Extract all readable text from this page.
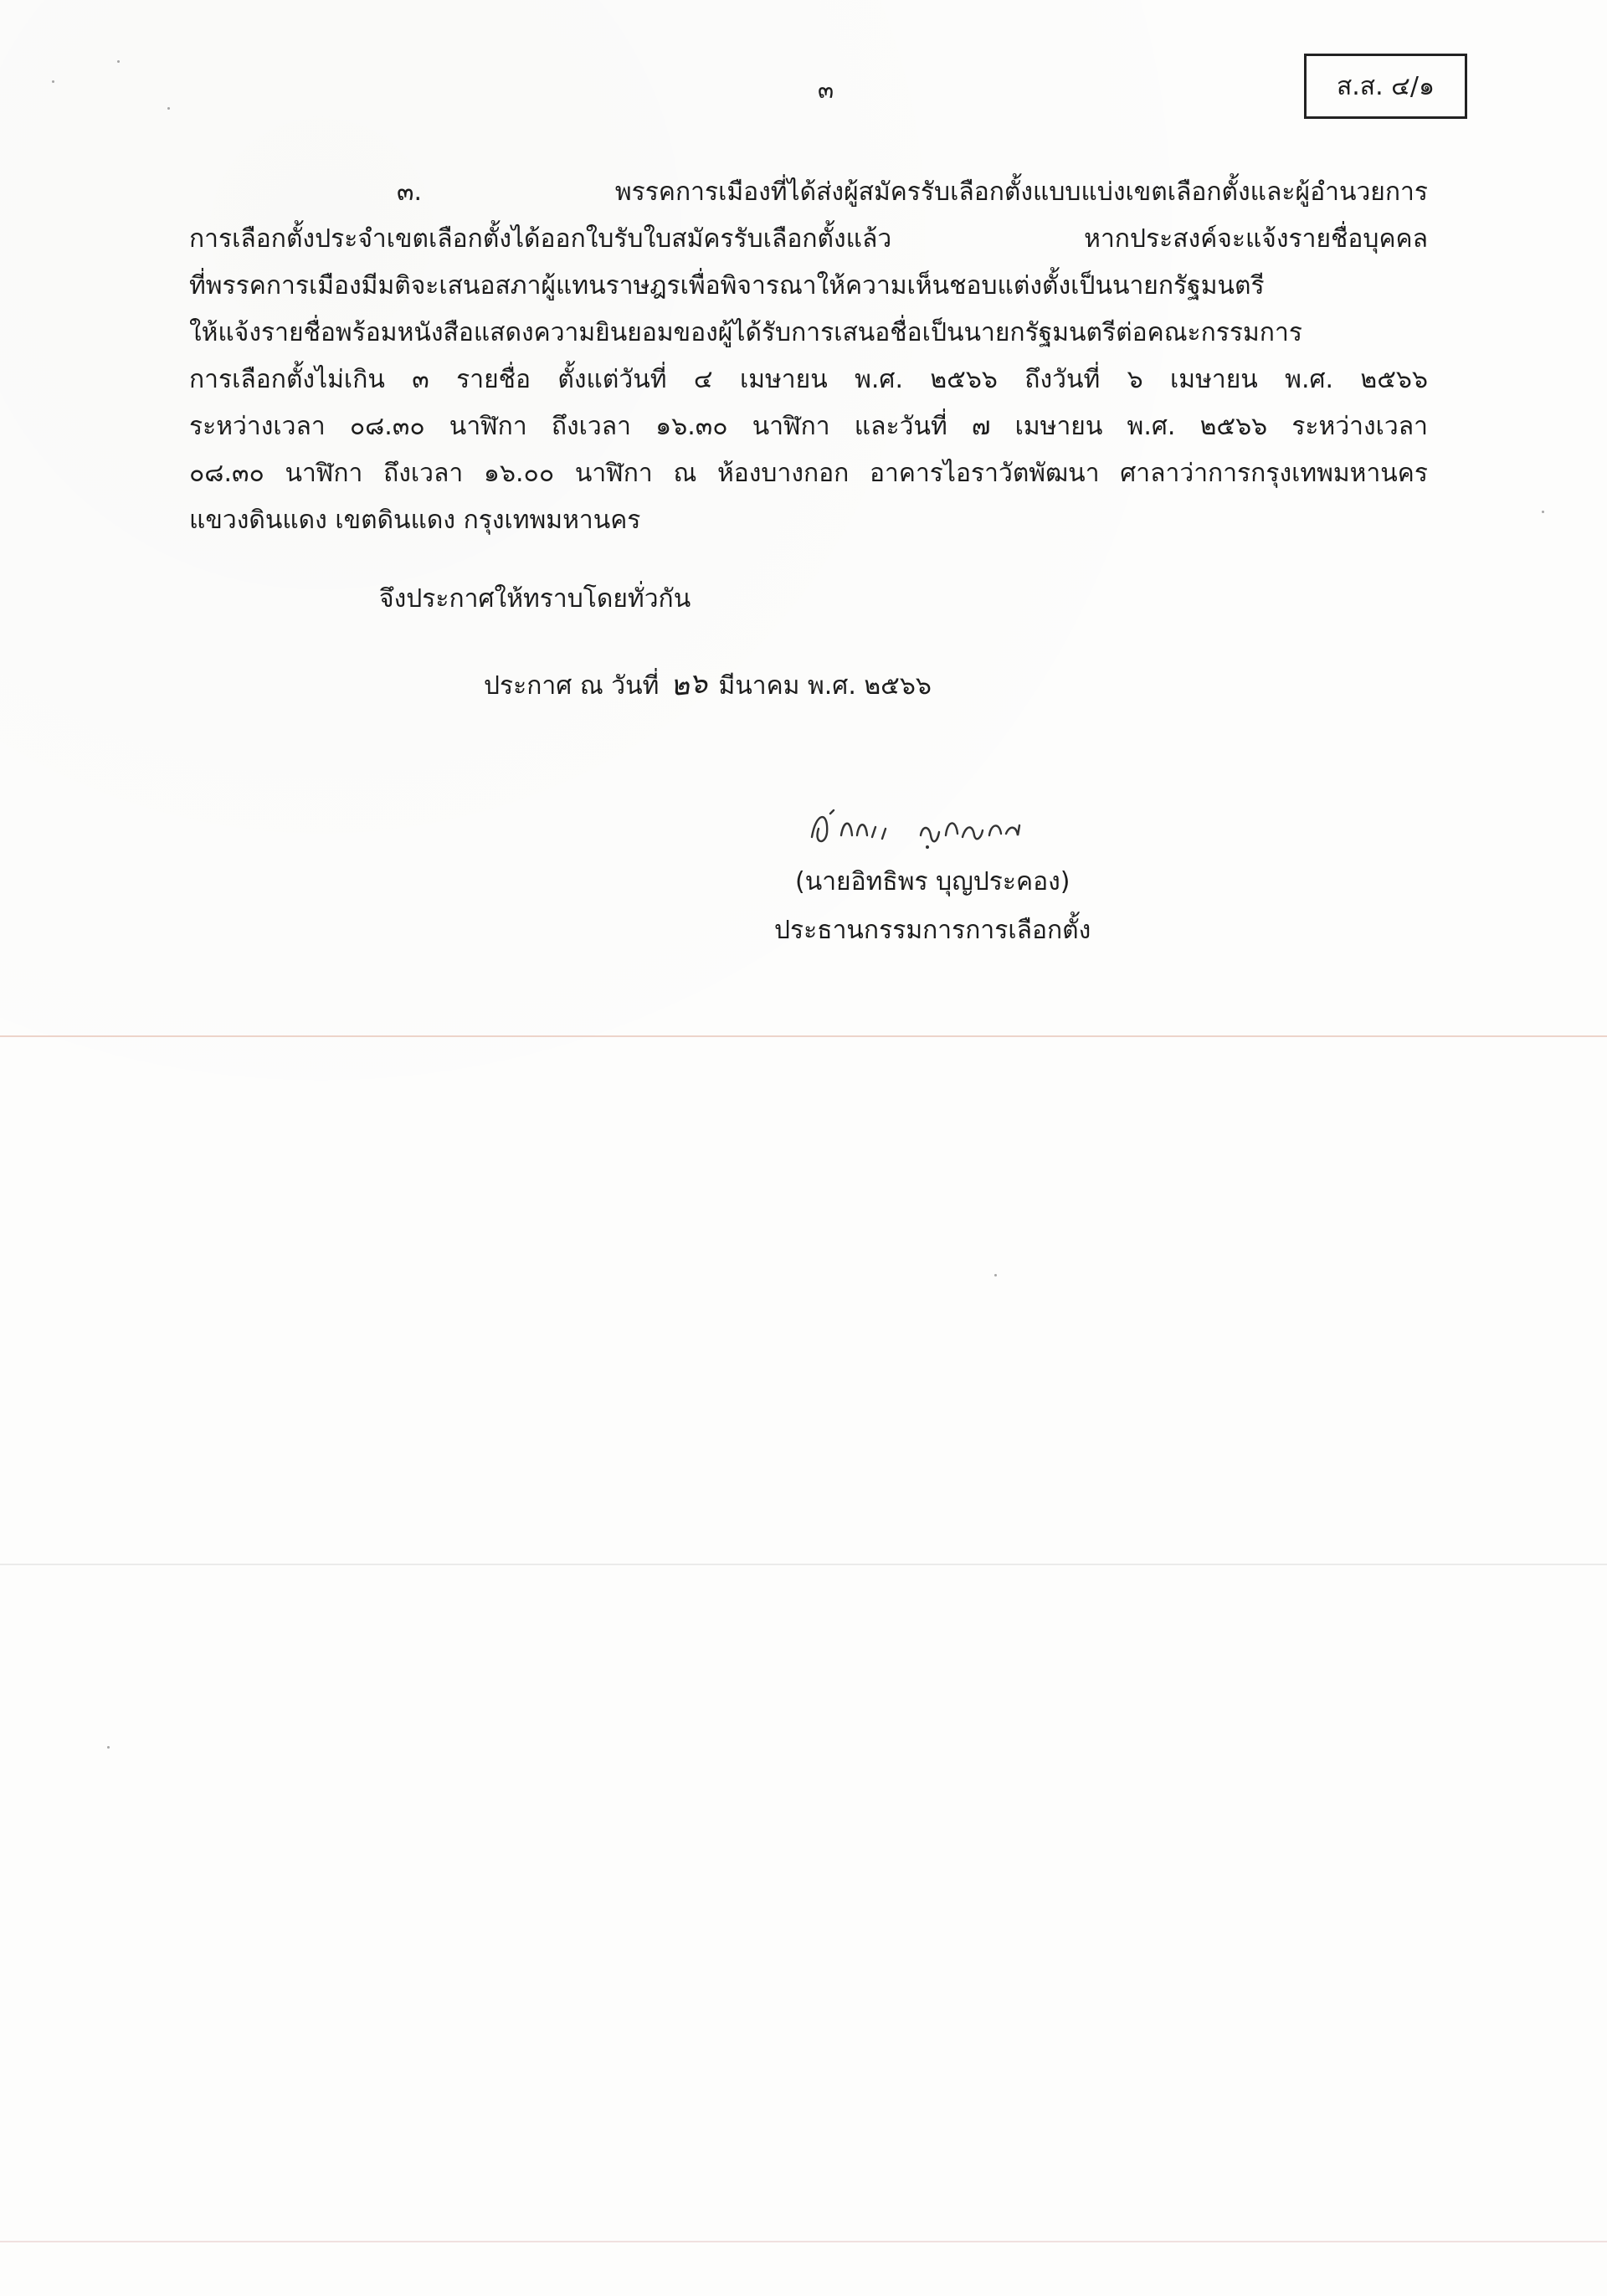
๓	ส.ส. ๔/๑
๓. พรรคการเมืองที่ได้ส่งผู้สมัครรับเลือกตั้งแบบแบ่งเขตเลือกตั้งและผู้อำนวยการ
การเลือกตั้งประจำเขตเลือกตั้งได้ออกใบรับใบสมัครรับเลือกตั้งแล้ว หากประสงค์จะแจ้งรายชื่อบุคคล
ที่พรรคการเมืองมีมติจะเสนอสภาผู้แทนราษฎรเพื่อพิจารณาให้ความเห็นชอบแต่งตั้งเป็นนายกรัฐมนตรี
ให้แจ้งรายชื่อพร้อมหนังสือแสดงความยินยอมของผู้ได้รับการเสนอชื่อเป็นนายกรัฐมนตรีต่อคณะกรรมการ
การเลือกตั้งไม่เกิน ๓ รายชื่อ ตั้งแต่วันที่ ๔ เมษายน พ.ศ. ๒๕๖๖ ถึงวันที่ ๖ เมษายน พ.ศ. ๒๕๖๖
ระหว่างเวลา ๐๘.๓๐ นาฬิกา ถึงเวลา ๑๖.๓๐ นาฬิกา และวันที่ ๗ เมษายน พ.ศ. ๒๕๖๖ ระหว่างเวลา
๐๘.๓๐ นาฬิกา ถึงเวลา ๑๖.๐๐ นาฬิกา ณ ห้องบางกอก อาคารไอราวัตพัฒนา ศาลาว่าการกรุงเทพมหานคร
แขวงดินแดง เขตดินแดง กรุงเทพมหานคร
จึงประกาศให้ทราบโดยทั่วกัน
ประกาศ ณ วันที่ ๒๖ มีนาคม พ.ศ. ๒๕๖๖
(นายอิทธิพร บุญประคอง)
ประธานกรรมการการเลือกตั้ง
